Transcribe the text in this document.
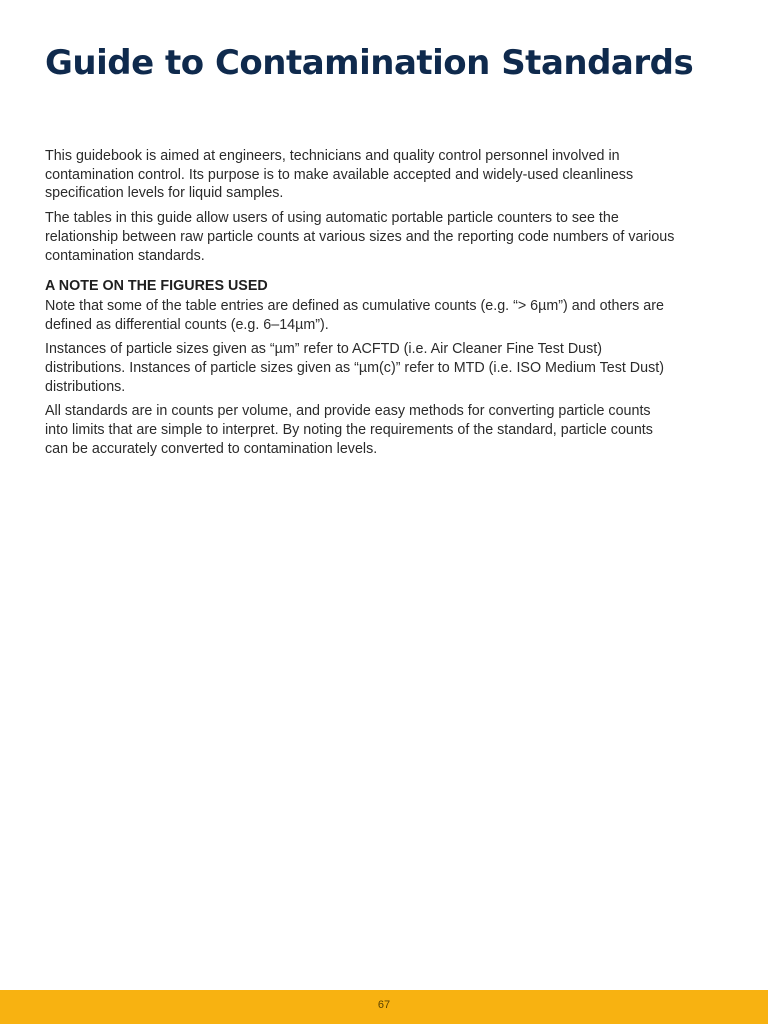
Guide to Contamination Standards

This guidebook is aimed at engineers, technicians and quality control personnel involved in contamination control. Its purpose is to make available accepted and widely-used cleanliness specification levels for liquid samples.

The tables in this guide allow users of using automatic portable particle counters to see the relationship between raw particle counts at various sizes and the reporting code numbers of various contamination standards.

A NOTE ON THE FIGURES USED

Note that some of the table entries are defined as cumulative counts (e.g. “> 6µm”) and others are defined as differential counts (e.g. 6–14µm”).

Instances of particle sizes given as “µm” refer to ACFTD (i.e. Air Cleaner Fine Test Dust) distributions. Instances of particle sizes given as “µm(c)” refer to MTD (i.e. ISO Medium Test Dust) distributions.

All standards are in counts per volume, and provide easy methods for converting particle counts into limits that are simple to interpret. By noting the requirements of the standard, particle counts can be accurately converted to contamination levels.

67
